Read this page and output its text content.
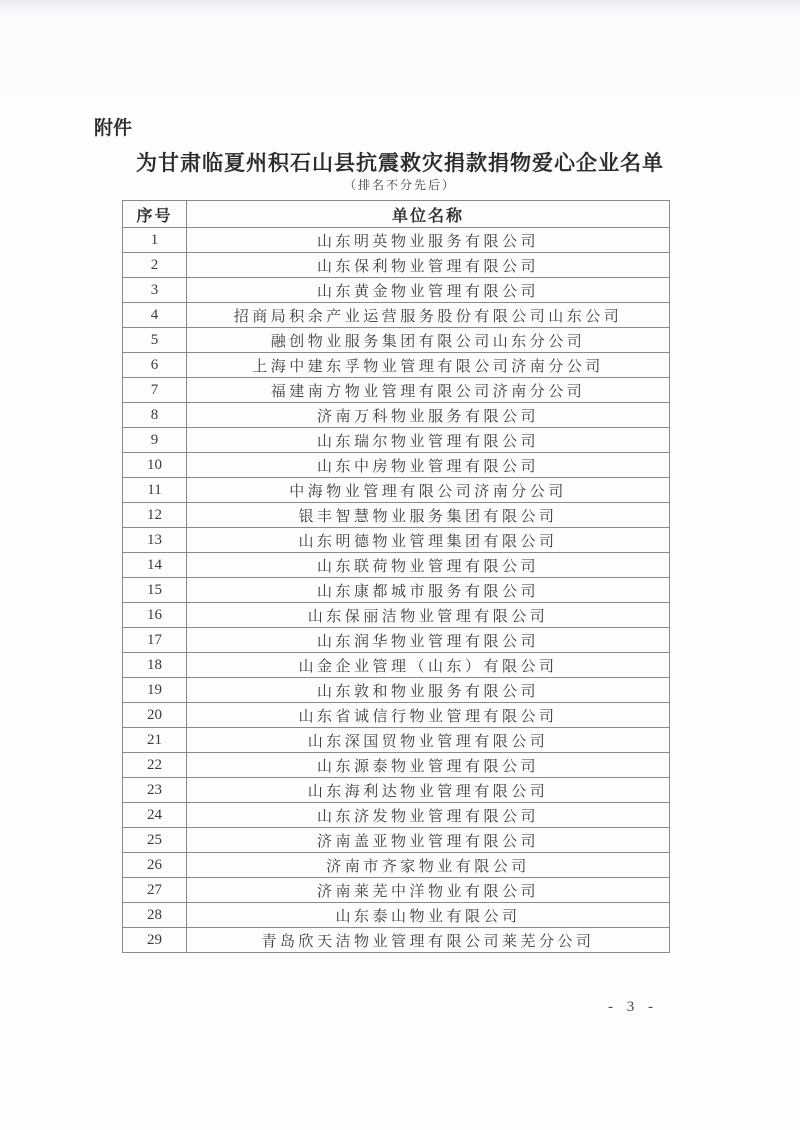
附件
为甘肃临夏州积石山县抗震救灾捐款捐物爱心企业名单
（排名不分先后）
序号	单位名称
1	山东明英物业服务有限公司
2	山东保利物业管理有限公司
3	山东黄金物业管理有限公司
4	招商局积余产业运营服务股份有限公司山东公司
5	融创物业服务集团有限公司山东分公司
6	上海中建东孚物业管理有限公司济南分公司
7	福建南方物业管理有限公司济南分公司
8	济南万科物业服务有限公司
9	山东瑞尔物业管理有限公司
10	山东中房物业管理有限公司
11	中海物业管理有限公司济南分公司
12	银丰智慧物业服务集团有限公司
13	山东明德物业管理集团有限公司
14	山东联荷物业管理有限公司
15	山东康都城市服务有限公司
16	山东保丽洁物业管理有限公司
17	山东润华物业管理有限公司
18	山金企业管理（山东）有限公司
19	山东敦和物业服务有限公司
20	山东省诚信行物业管理有限公司
21	山东深国贸物业管理有限公司
22	山东源泰物业管理有限公司
23	山东海利达物业管理有限公司
24	山东济发物业管理有限公司
25	济南盖亚物业管理有限公司
26	济南市齐家物业有限公司
27	济南莱芜中洋物业有限公司
28	山东泰山物业有限公司
29	青岛欣天洁物业管理有限公司莱芜分公司
- 3 -
